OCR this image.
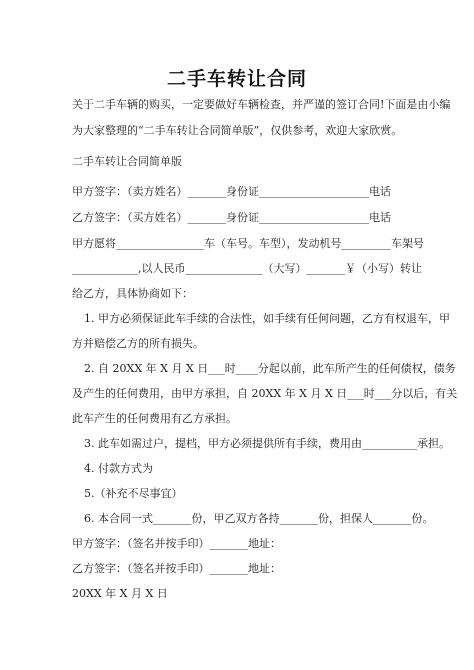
二手车转让合同
关于二手车辆的购买，一定要做好车辆检查，并严谨的签订合同!下面是由小编
为大家整理的“二手车转让合同简单版”，仅供参考，欢迎大家欣赏。
二手车转让合同简单版
甲方签字：（卖方姓名）_______身份证____________________电话
乙方签字：（买方姓名）_______身份证____________________电话
甲方愿将________________车（车号。车型），发动机号_________车架号
____________,以人民币______________（大写）_______￥（小写）转让
给乙方，具体协商如下：
1. 甲方必须保证此车手续的合法性，如手续有任何问题，乙方有权退车，甲
方并赔偿乙方的所有损失。
2. 自 20XX 年 X 月 X 日___时____分起以前，此车所产生的任何债权，债务
及产生的任何费用，由甲方承担，自 20XX 年 X 月 X 日___时___分以后，有关
此车产生的任何费用有乙方承担。
3. 此车如需过户，提档，甲方必须提供所有手续，费用由__________承担。
4. 付款方式为
5.（补充不尽事宜）
6. 本合同一式_______份，甲乙双方各持_______份，担保人_______份。
甲方签字：（签名并按手印）_______地址：
乙方签字：（签名并按手印）_______地址：
20XX 年 X 月 X 日
